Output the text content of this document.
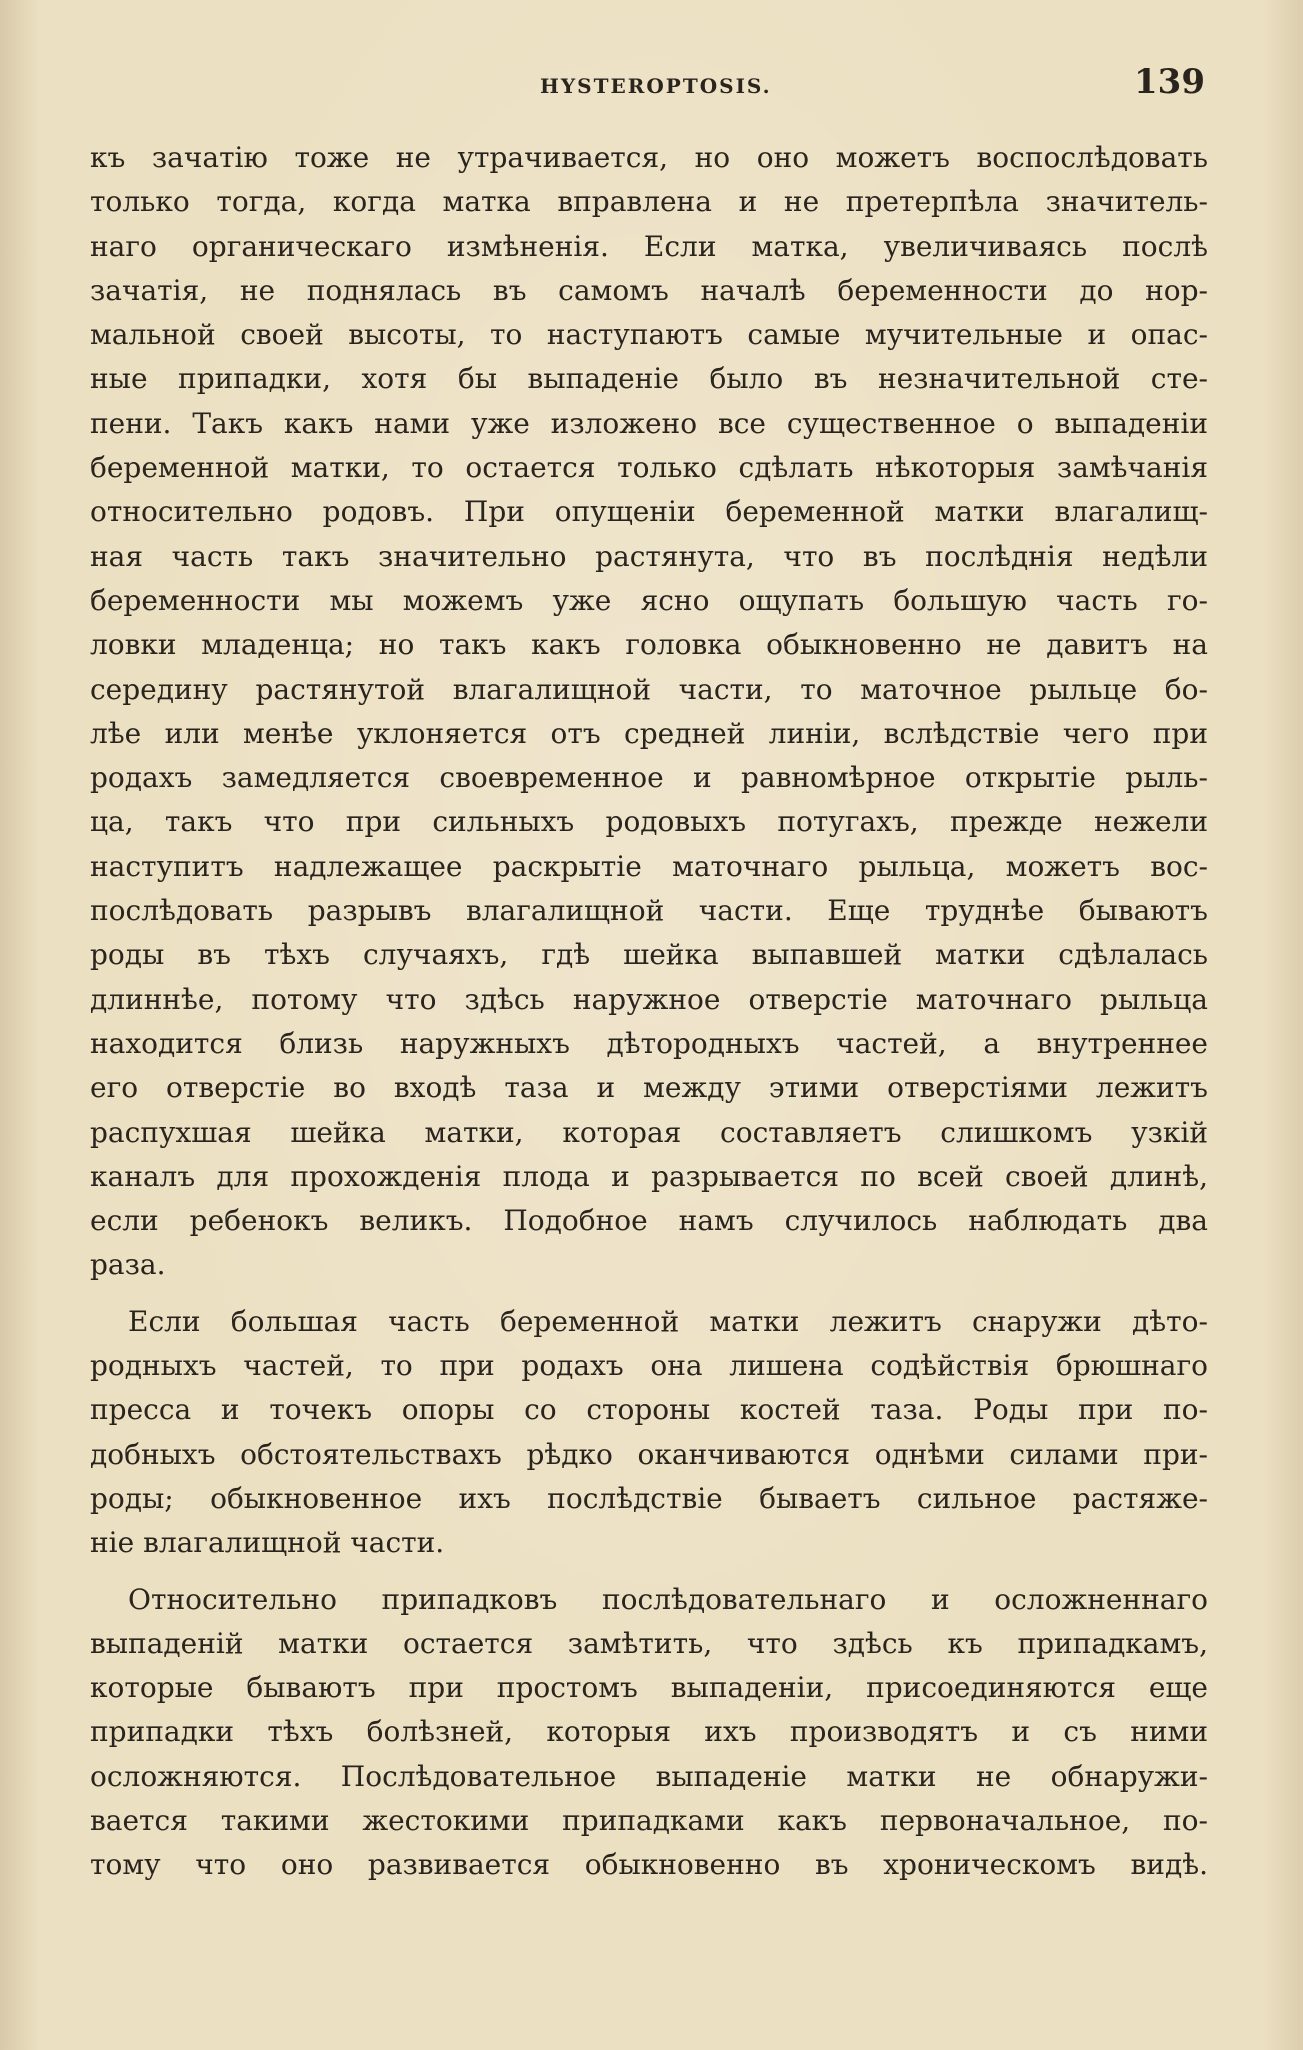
HYSTEROPTOSIS.	139
къ зачатію тоже не утрачивается, но оно можетъ воспослѣдовать
только тогда, когда матка вправлена и не претерпѣла значитель-
наго органическаго измѣненія. Если матка, увеличиваясь послѣ
зачатія, не поднялась въ самомъ началѣ беременности до нор-
мальной своей высоты, то наступаютъ самые мучительные и опас-
ные припадки, хотя бы выпаденіе было въ незначительной сте-
пени. Такъ какъ нами уже изложено все существенное о выпаденіи
беременной матки, то остается только сдѣлать нѣкоторыя замѣчанія
относительно родовъ. При опущеніи беременной матки влагалищ-
ная часть такъ значительно растянута, что въ послѣднія недѣли
беременности мы можемъ уже ясно ощупать большую часть го-
ловки младенца; но такъ какъ головка обыкновенно не давитъ на
середину растянутой влагалищной части, то маточное рыльце бо-
лѣе или менѣе уклоняется отъ средней линіи, вслѣдствіе чего при
родахъ замедляется своевременное и равномѣрное открытіе рыль-
ца, такъ что при сильныхъ родовыхъ потугахъ, прежде нежели
наступитъ надлежащее раскрытіе маточнаго рыльца, можетъ вос-
послѣдовать разрывъ влагалищной части. Еще труднѣе бываютъ
роды въ тѣхъ случаяхъ, гдѣ шейка выпавшей матки сдѣлалась
длиннѣе, потому что здѣсь наружное отверстіе маточнаго рыльца
находится близь наружныхъ дѣтородныхъ частей, а внутреннее
его отверстіе во входѣ таза и между этими отверстіями лежитъ
распухшая шейка матки, которая составляетъ слишкомъ узкій
каналъ для прохожденія плода и разрывается по всей своей длинѣ,
если ребенокъ великъ. Подобное намъ случилось наблюдать два
раза.
Если большая часть беременной матки лежитъ снаружи дѣто-
родныхъ частей, то при родахъ она лишена содѣйствія брюшнаго
пресса и точекъ опоры со стороны костей таза. Роды при по-
добныхъ обстоятельствахъ рѣдко оканчиваются однѣми силами при-
роды; обыкновенное ихъ послѣдствіе бываетъ сильное растяже-
ніе влагалищной части.
Относительно припадковъ послѣдовательнаго и осложненнаго
выпаденій матки остается замѣтить, что здѣсь къ припадкамъ,
которые бываютъ при простомъ выпаденіи, присоединяются еще
припадки тѣхъ болѣзней, которыя ихъ производятъ и съ ними
осложняются. Послѣдовательное выпаденіе матки не обнаружи-
вается такими жестокими припадками какъ первоначальное, по-
тому что оно развивается обыкновенно въ хроническомъ видѣ.
